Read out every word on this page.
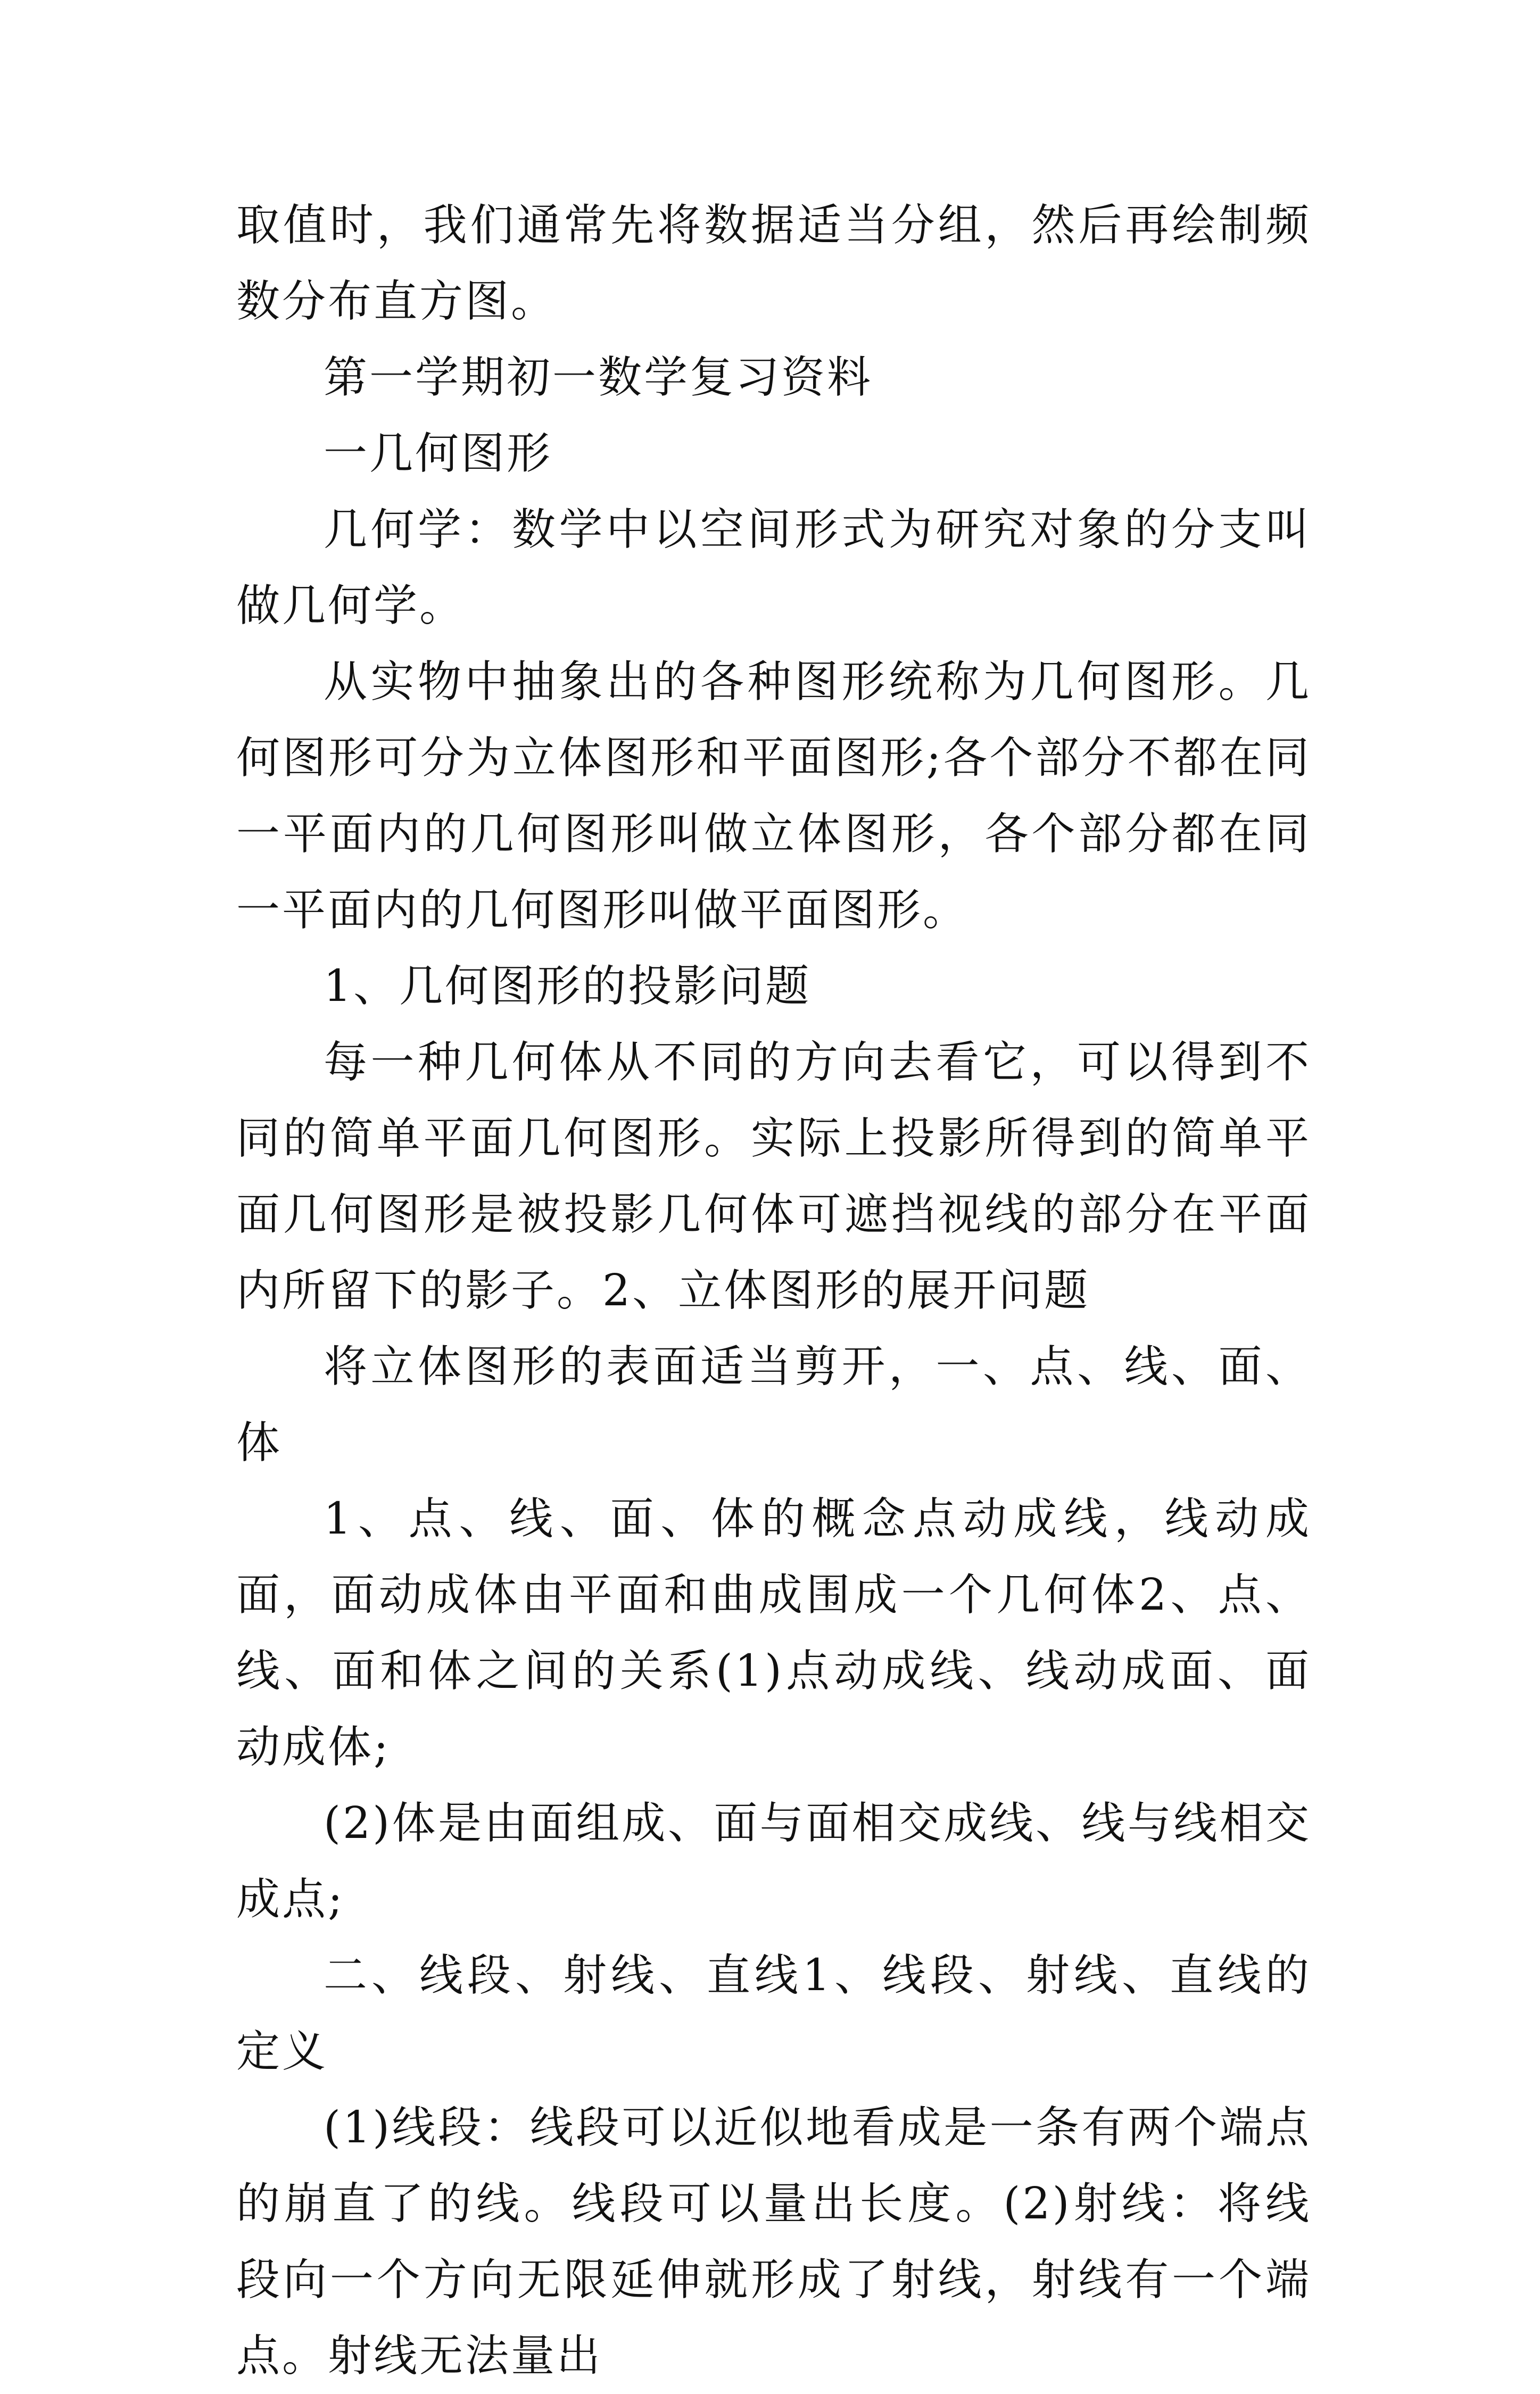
取值时，我们通常先将数据适当分组，然后再绘制频数分布直方图。

第一学期初一数学复习资料

一几何图形

几何学：数学中以空间形式为研究对象的分支叫做几何学。

从实物中抽象出的各种图形统称为几何图形。几何图形可分为立体图形和平面图形;各个部分不都在同一平面内的几何图形叫做立体图形，各个部分都在同一平面内的几何图形叫做平面图形。

1、几何图形的投影问题

每一种几何体从不同的方向去看它，可以得到不同的简单平面几何图形。实际上投影所得到的简单平面几何图形是被投影几何体可遮挡视线的部分在平面内所留下的影子。2、立体图形的展开问题

将立体图形的表面适当剪开，一、点、线、面、体

1、点、线、面、体的概念点动成线，线动成面，面动成体由平面和曲成围成一个几何体2、点、线、面和体之间的关系(1)点动成线、线动成面、面动成体;

(2)体是由面组成、面与面相交成线、线与线相交成点;

二、线段、射线、直线1、线段、射线、直线的定义

(1)线段：线段可以近似地看成是一条有两个端点的崩直了的线。线段可以量出长度。(2)射线：将线段向一个方向无限延伸就形成了射线，射线有一个端点。射线无法量出
